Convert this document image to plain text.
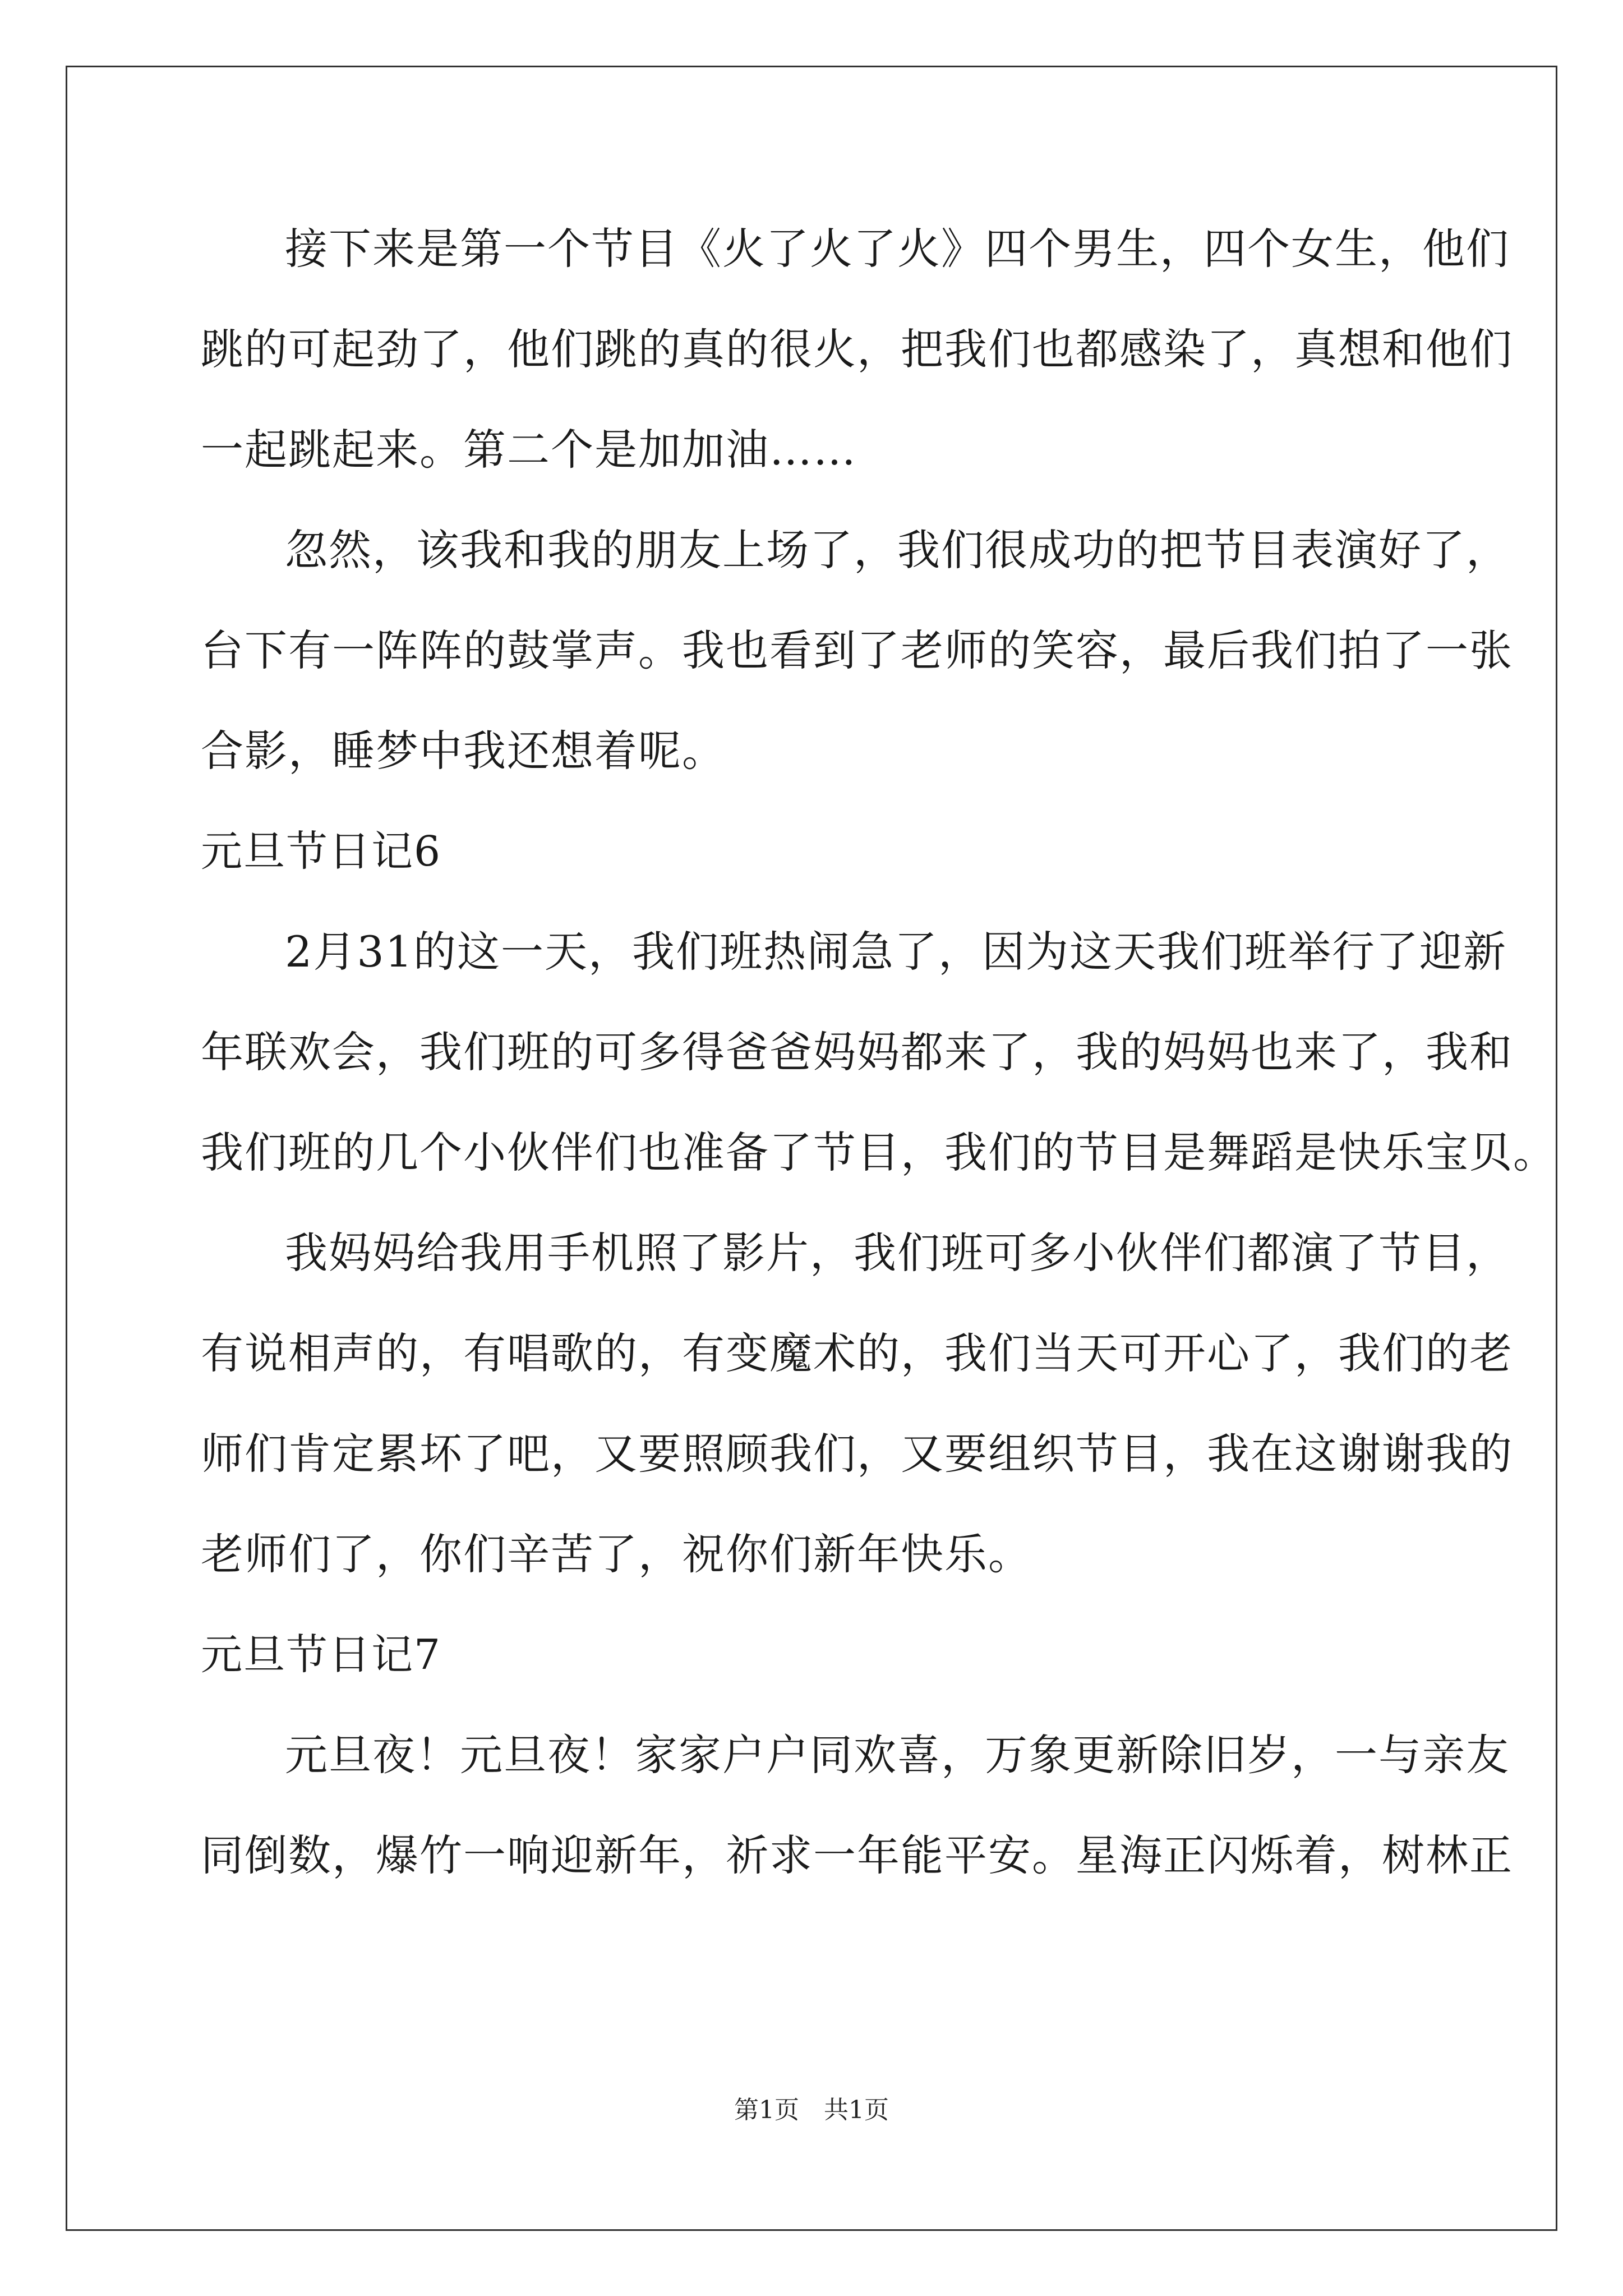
接下来是第一个节目《火了火了火》四个男生，四个女生，他们
跳的可起劲了，他们跳的真的很火，把我们也都感染了，真想和他们
一起跳起来。第二个是加加油……
忽然，该我和我的朋友上场了，我们很成功的把节目表演好了，
台下有一阵阵的鼓掌声。我也看到了老师的笑容，最后我们拍了一张
合影，睡梦中我还想着呢。
元旦节日记6
2月31的这一天，我们班热闹急了，因为这天我们班举行了迎新
年联欢会，我们班的可多得爸爸妈妈都来了，我的妈妈也来了，我和
我们班的几个小伙伴们也准备了节目，我们的节目是舞蹈是快乐宝贝。
我妈妈给我用手机照了影片，我们班可多小伙伴们都演了节目，
有说相声的，有唱歌的，有变魔术的，我们当天可开心了，我们的老
师们肯定累坏了吧，又要照顾我们，又要组织节目，我在这谢谢我的
老师们了，你们辛苦了，祝你们新年快乐。
元旦节日记7
元旦夜！元旦夜！家家户户同欢喜，万象更新除旧岁，一与亲友
同倒数，爆竹一响迎新年，祈求一年能平安。星海正闪烁着，树林正
第1页　共1页
